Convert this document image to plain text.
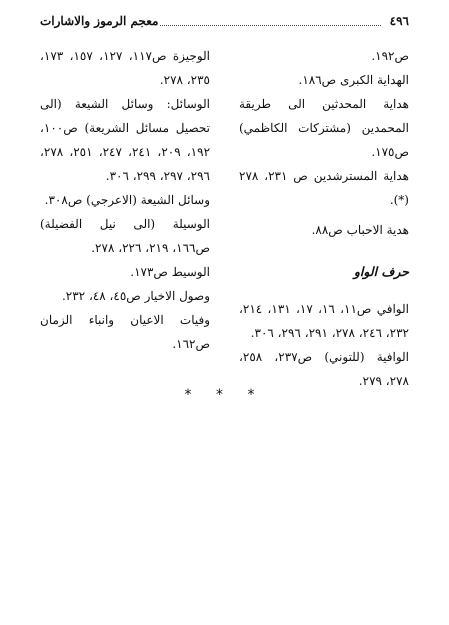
٤٩٦
معجم الرموز والاشارات

ص١٩٢.

الهداية الكبرى ص١٨٦.

هداية المحدثين الى طريقة المحمدين (مشتركات الكاظمي) ص١٧٥.

هداية المسترشدين ص ٢٣١، ٢٧٨ (*).

هدية الاحباب ص٨٨.

حرف الواو

الوافي ص١١، ١٦، ١٧، ١٣١، ٢١٤، ٢٣٢، ٢٤٦، ٢٧٨، ٢٩١، ٢٩٦، ٣٠٦.

الوافية (للتوني) ص٢٣٧، ٢٥٨، ٢٧٨، ٢٧٩.

الوجيزة ص١١٧، ١٢٧، ١٥٧، ١٧٣، ٢٣٥، ٢٧٨.

الوسائل: وسائل الشيعة (الى تحصيل مسائل الشريعة) ص١٠٠، ١٩٢، ٢٠٩، ٢٤١، ٢٤٧، ٢٥١، ٢٧٨، ٢٩٦، ٢٩٧، ٢٩٩، ٣٠٦.

وسائل الشيعة (الاعرجي) ص٣٠٨.

الوسيلة (الى نيل الفضيلة) ص١٦٦، ٢١٩، ٢٢٦، ٢٧٨.

الوسيط ص١٧٣.

وصول الاخيار ص٤٥، ٤٨، ٢٣٢.

وفيات الاعيان وانباء الزمان ص١٦٢.

* * *
